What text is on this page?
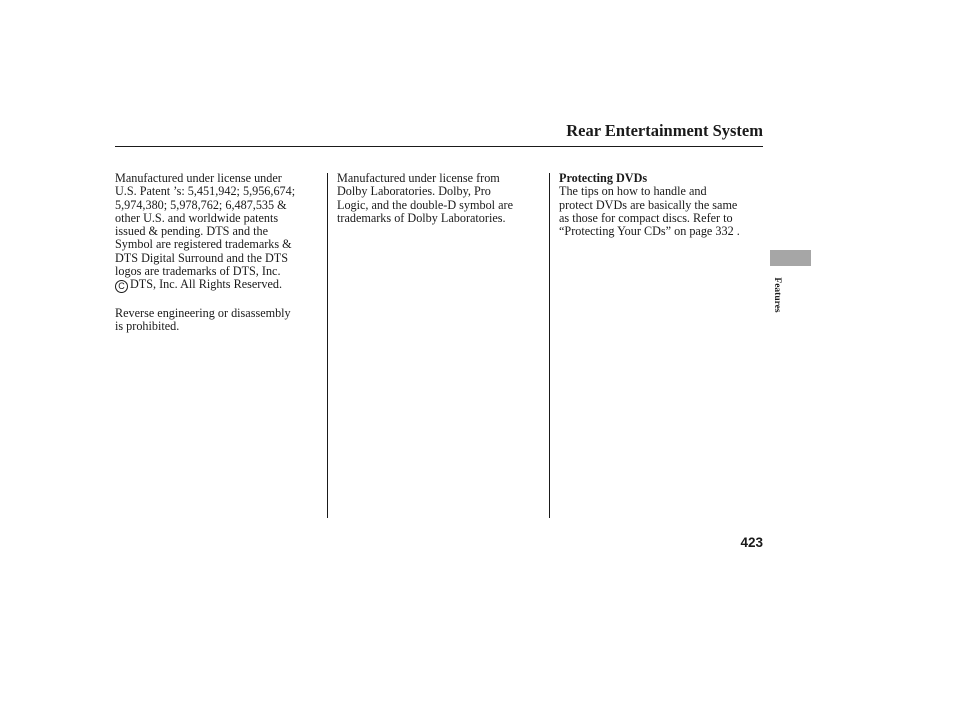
Rear Entertainment System
Manufactured under license under
U.S. Patent ’s: 5,451,942; 5,956,674;
5,974,380; 5,978,762; 6,487,535 &
other U.S. and worldwide patents
issued & pending. DTS and the
Symbol are registered trademarks &
DTS Digital Surround and the DTS
logos are trademarks of DTS, Inc.
C DTS, Inc. All Rights Reserved.
Reverse engineering or disassembly
is prohibited.
Manufactured under license from
Dolby Laboratories. Dolby, Pro
Logic, and the double-D symbol are
trademarks of Dolby Laboratories.
Protecting DVDs
The tips on how to handle and
protect DVDs are basically the same
as those for compact discs. Refer to
“Protecting Your CDs” on page 332 .
Features
423
